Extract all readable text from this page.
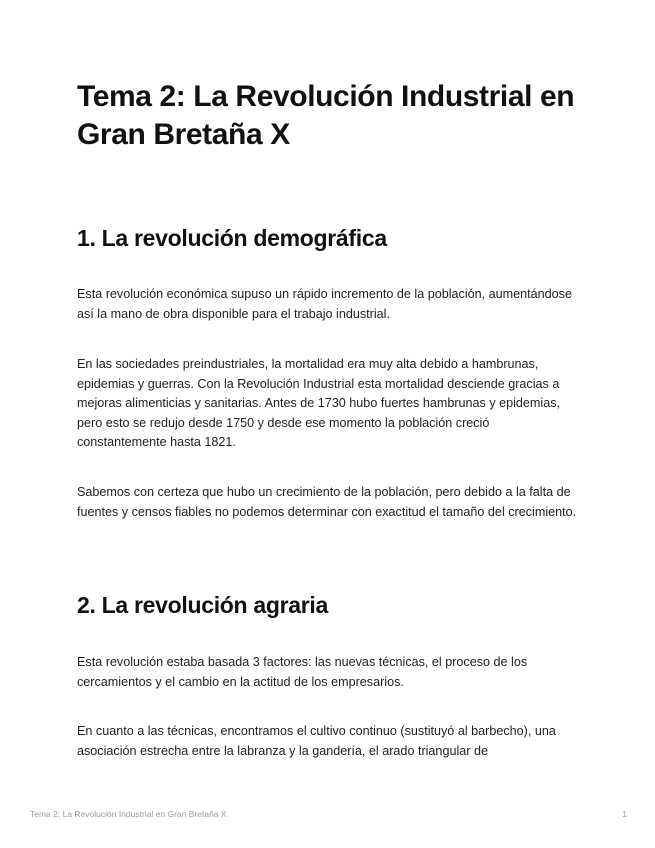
Tema 2: La Revolución Industrial en Gran Bretaña X
1. La revolución demográfica

Esta revolución económica supuso un rápido incremento de la población, aumentándose así la mano de obra disponible para el trabajo industrial.

En las sociedades preindustriales, la mortalidad era muy alta debido a hambrunas, epidemias y guerras. Con la Revolución Industrial esta mortalidad desciende gracias a mejoras alimenticias y sanitarias. Antes de 1730 hubo fuertes hambrunas y epidemias, pero esto se redujo desde 1750 y desde ese momento la población creció constantemente hasta 1821.

Sabemos con certeza que hubo un crecimiento de la población, pero debido a la falta de fuentes y censos fiables no podemos determinar con exactitud el tamaño del crecimiento.

2. La revolución agraria

Esta revolución estaba basada 3 factores: las nuevas técnicas, el proceso de los cercamientos y el cambio en la actitud de los empresarios.

En cuanto a las técnicas, encontramos el cultivo continuo (sustituyó al barbecho), una asociación estrecha entre la labranza y la gandería, el arado triangular de

Tema 2: La Revolución Industrial en Gran Bretaña X	1
